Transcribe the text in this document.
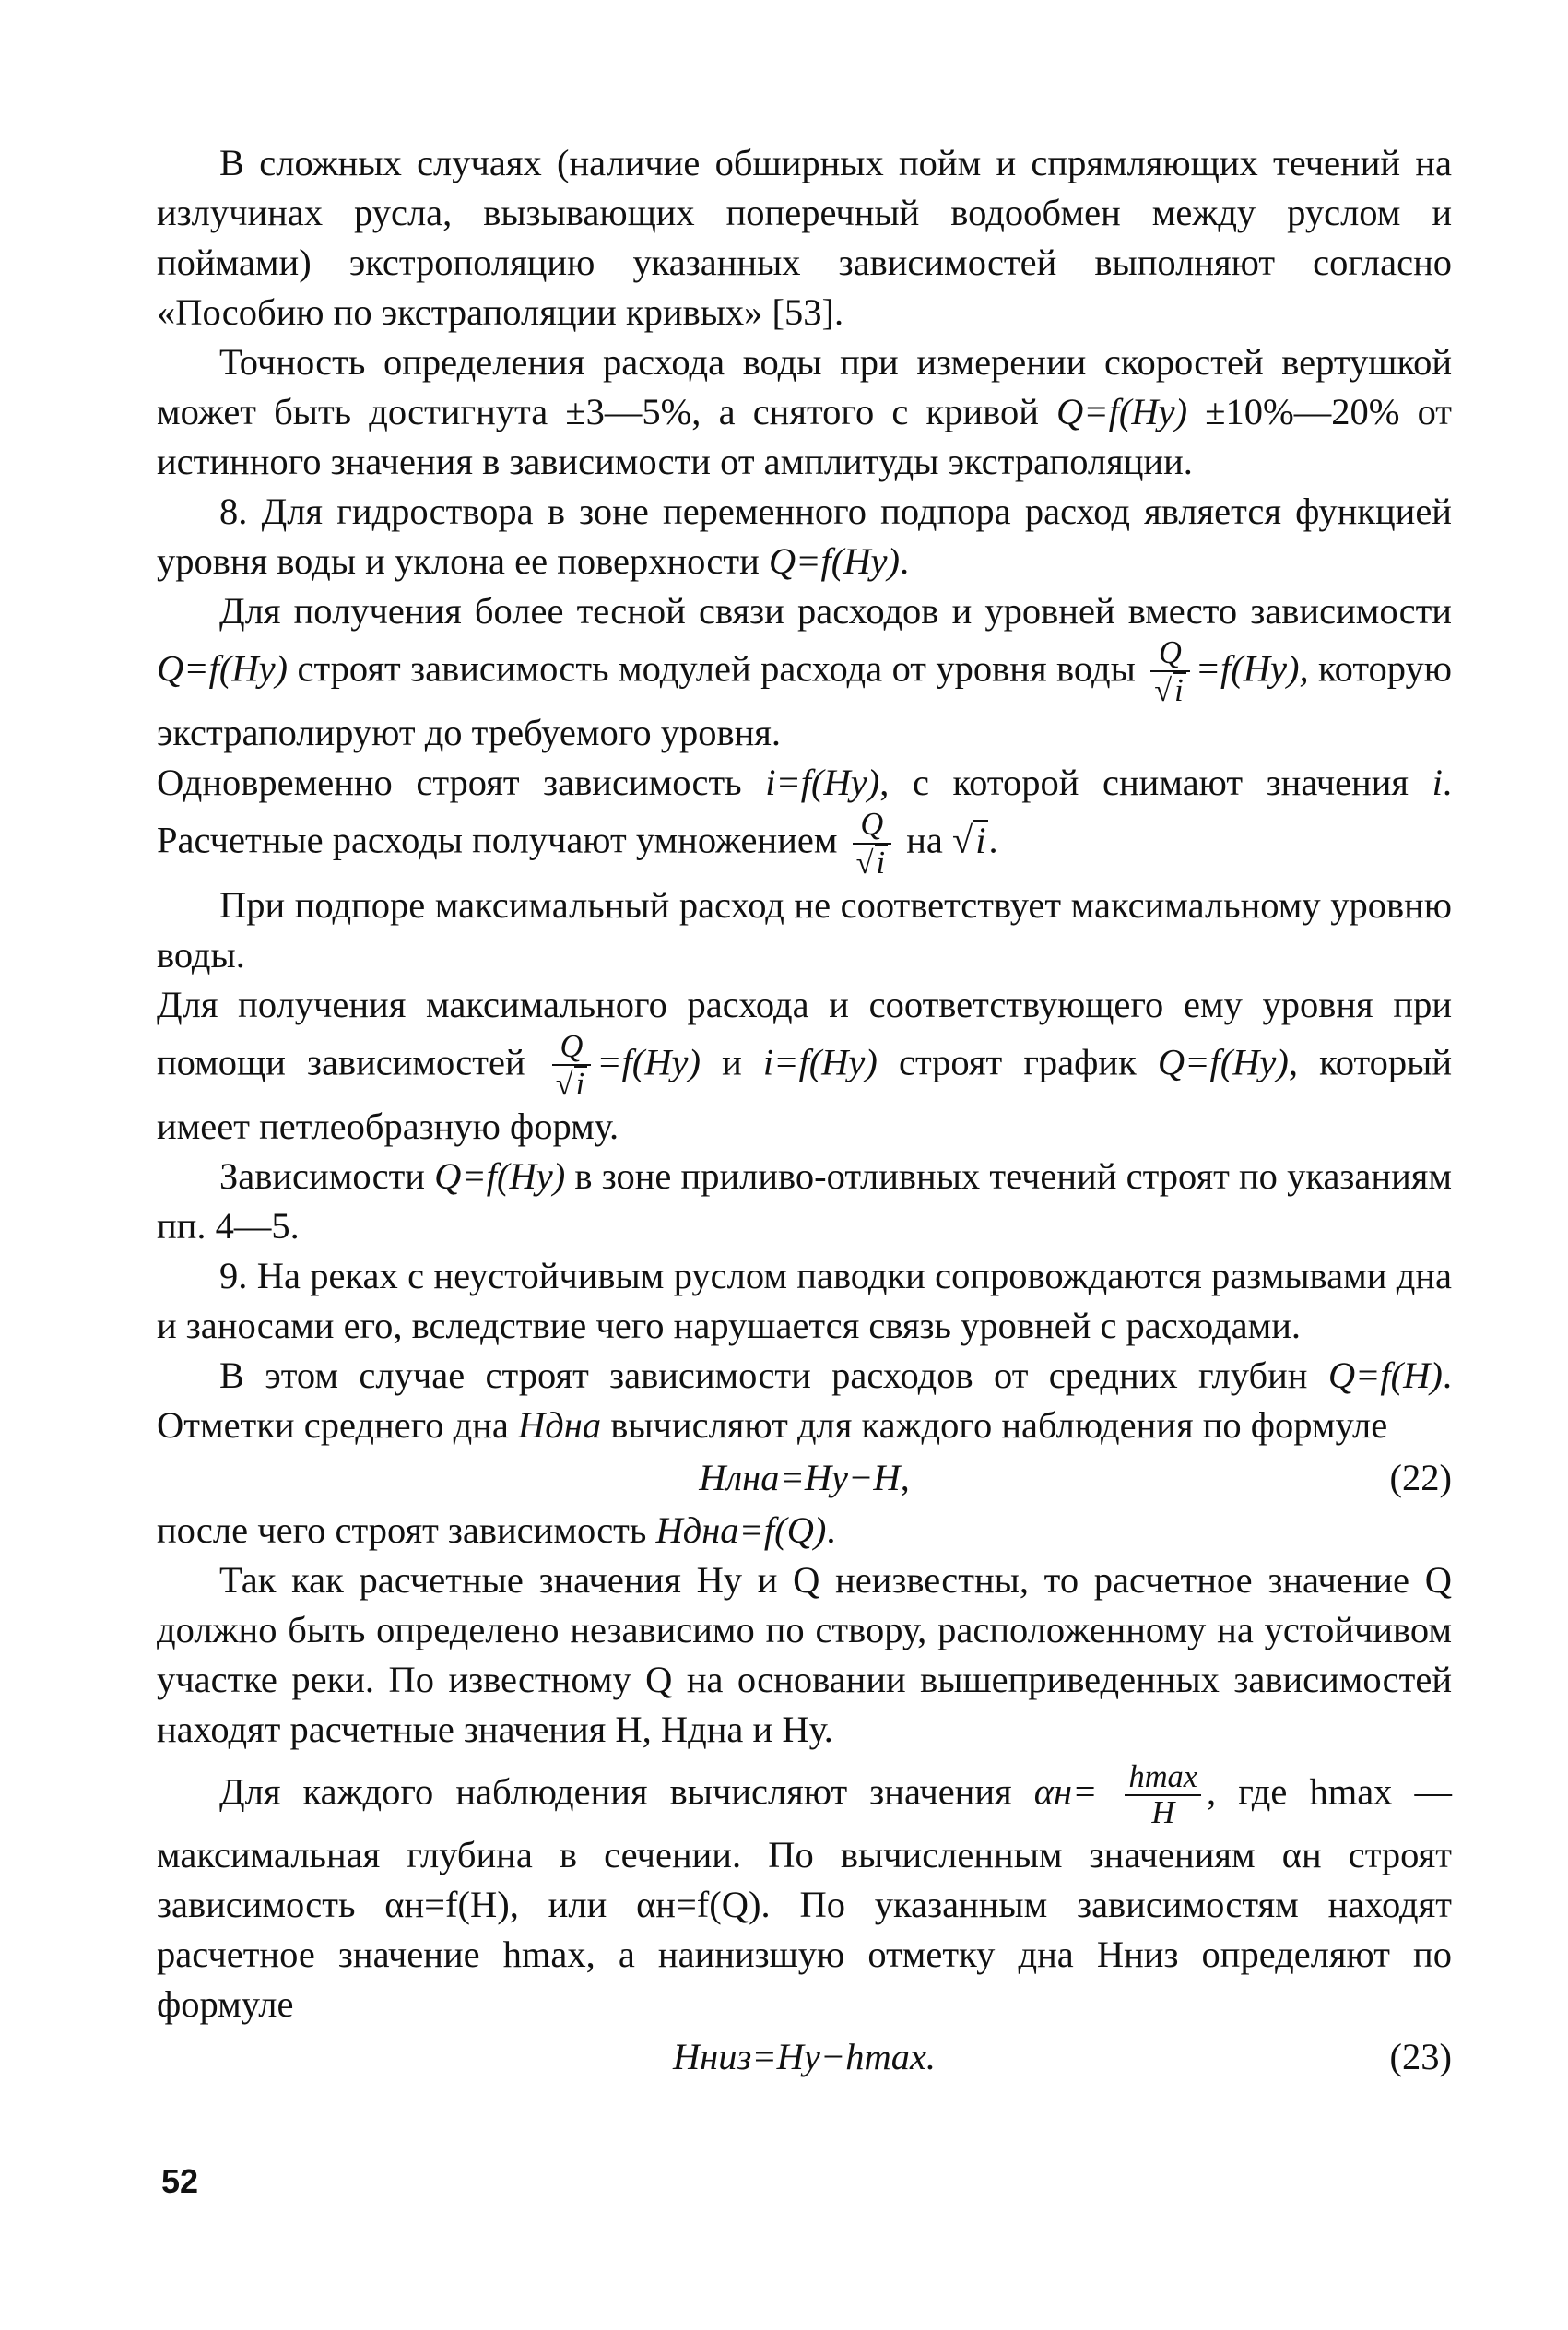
В сложных случаях (наличие обширных пойм и спрямляющих течений на излучинах русла, вызывающих поперечный водообмен между руслом и поймами) экстрополяцию указанных зависимостей выполняют согласно «Пособию по экстраполяции кривых» [53].

Точность определения расхода воды при измерении скоростей вертушкой может быть достигнута ±3—5%, а снятого с кривой Q=f(Hу) ±10%—20% от истинного значения в зависимости от амплитуды экстраполяции.

8. Для гидроствора в зоне переменного подпора расход является функцией уровня воды и уклона ее поверхности Q=f(Hу).

Для получения более тесной связи расходов и уровней вместо зависимости Q=f(Hу) строят зависимость модулей расхода от уровня воды $\frac{Q}{√i} =f(Hу)$, которую экстраполируют до требуемого уровня.

Одновременно строят зависимость i=f(Hу), с которой снимают значения i. Расчетные расходы получают умножением $\frac{Q}{√i}$ на √i.

При подпоре максимальный расход не соответствует максимальному уровню воды.

Для получения максимального расхода и соответствующего ему уровня при помощи зависимостей $\frac{Q}{√i} =f(Hу)$ и i=f(Hу) строят график Q=f(Hу), который имеет петлеобразную форму.

Зависимости Q=f(Hу) в зоне приливо-отливных течений строят по указаниям пп. 4—5.

9. На реках с неустойчивым руслом паводки сопровождаются размывами дна и заносами его, вследствие чего нарушается связь уровней с расходами.

В этом случае строят зависимости расходов от средних глубин Q=f(H). Отметки среднего дна Hдна вычисляют для каждого наблюдения по формуле

Hлна=Hу−H,	(22)

после чего строят зависимость Hдна=f(Q).

Так как расчетные значения Hу и Q неизвестны, то расчетное значение Q должно быть определено независимо по створу, расположенному на устойчивом участке реки. По известному Q на основании вышеприведенных зависимостей находят расчетные значения H, Hдна и Hу.

Для каждого наблюдения вычисляют значения $\alpha н= \frac{hmax}{H}$ , где hmax — максимальная глубина в сечении. По вычисленным значениям αн строят зависимость αн=f(H), или αн=f(Q). По указанным зависимостям находят расчетное значение hmax, а наинизшую отметку дна Hниз определяют по формуле

Hниз=Hу−hmax.	(23)
52
